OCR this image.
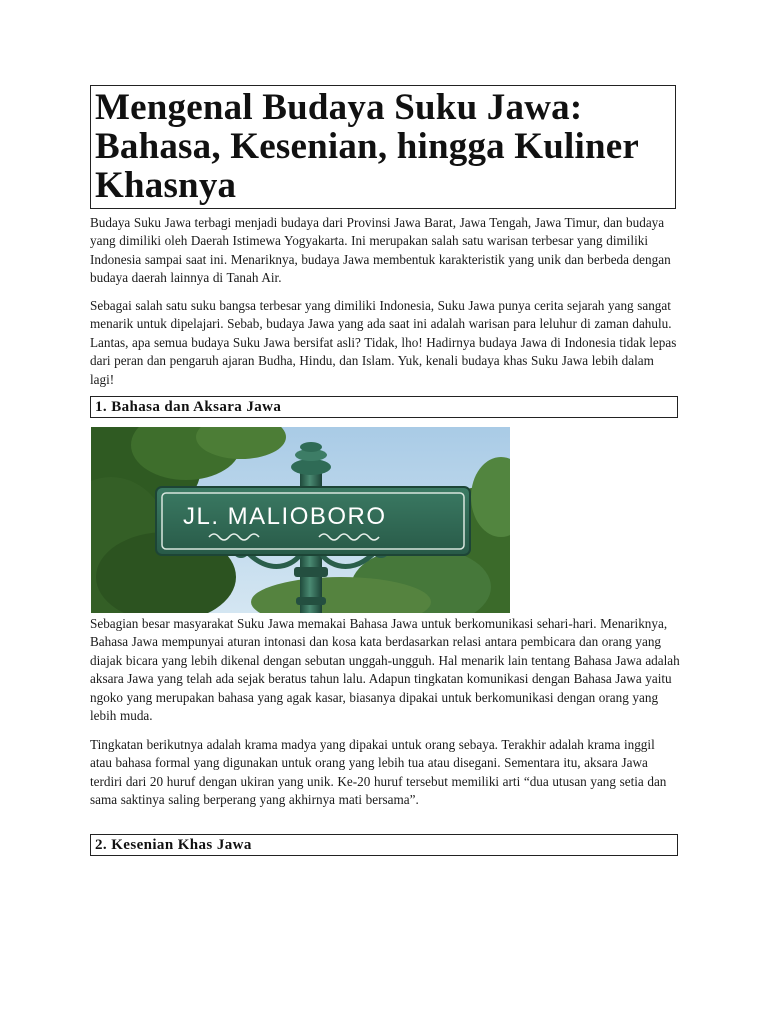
Mengenal Budaya Suku Jawa: Bahasa, Kesenian, hingga Kuliner Khasnya

Budaya Suku Jawa terbagi menjadi budaya dari Provinsi Jawa Barat, Jawa Tengah, Jawa Timur, dan budaya yang dimiliki oleh Daerah Istimewa Yogyakarta. Ini merupakan salah satu warisan terbesar yang dimiliki Indonesia sampai saat ini. Menariknya, budaya Jawa membentuk karakteristik yang unik dan berbeda dengan budaya daerah lainnya di Tanah Air.

Sebagai salah satu suku bangsa terbesar yang dimiliki Indonesia, Suku Jawa punya cerita sejarah yang sangat menarik untuk dipelajari. Sebab, budaya Jawa yang ada saat ini adalah warisan para leluhur di zaman dahulu. Lantas, apa semua budaya Suku Jawa bersifat asli? Tidak, lho! Hadirnya budaya Jawa di Indonesia tidak lepas dari peran dan pengaruh ajaran Budha, Hindu, dan Islam. Yuk, kenali budaya khas Suku Jawa lebih dalam lagi!

1. Bahasa dan Aksara Jawa
JL. MALIOBORO

Sebagian besar masyarakat Suku Jawa memakai Bahasa Jawa untuk berkomunikasi sehari-hari. Menariknya, Bahasa Jawa mempunyai aturan intonasi dan kosa kata berdasarkan relasi antara pembicara dan orang yang diajak bicara yang lebih dikenal dengan sebutan unggah-ungguh. Hal menarik lain tentang Bahasa Jawa adalah aksara Jawa yang telah ada sejak beratus tahun lalu. Adapun tingkatan komunikasi dengan Bahasa Jawa yaitu ngoko yang merupakan bahasa yang agak kasar, biasanya dipakai untuk berkomunikasi dengan orang yang lebih muda.

Tingkatan berikutnya adalah krama madya yang dipakai untuk orang sebaya. Terakhir adalah krama inggil atau bahasa formal yang digunakan untuk orang yang lebih tua atau disegani. Sementara itu, aksara Jawa terdiri dari 20 huruf dengan ukiran yang unik. Ke-20 huruf tersebut memiliki arti “dua utusan yang setia dan sama saktinya saling berperang yang akhirnya mati bersama”.

2. Kesenian Khas Jawa
